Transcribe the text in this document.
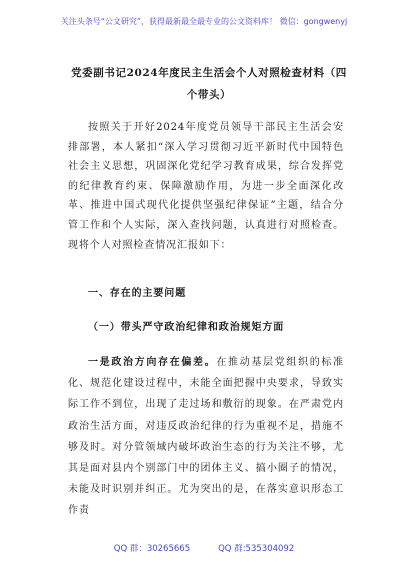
关注头条号“公文研究”，获得最新最全最专业的公文资料库！ 微信：gongwenyj
党委副书记2024年度民主生活会个人对照检查材料（四个带头）
按照关于开好2024年度党员领导干部民主生活会安排部署，本人紧扣“深入学习贯彻习近平新时代中国特色社会主义思想，巩固深化党纪学习教育成果，综合发挥党的纪律教育约束、保障激励作用，为进一步全面深化改革、推进中国式现代化提供坚强纪律保证”主题，结合分管工作和个人实际，深入查找问题，认真进行对照检查。现将个人对照检查情况汇报如下：
一、存在的主要问题
（一）带头严守政治纪律和政治规矩方面
一是政治方向存在偏差。在推动基层党组织的标准化、规范化建设过程中，未能全面把握中央要求，导致实际工作不到位，出现了走过场和敷衍的现象。在严肃党内政治生活方面，对违反政治纪律的行为重视不足，措施不够及时。对分管领域内破坏政治生态的行为关注不够，尤其是面对县内个别部门中的团体主义、搞小圈子的情况，未能及时识别并纠正。尤为突出的是，在落实意识形态工作责
QQ 群：30265665	QQ 群:535304092
